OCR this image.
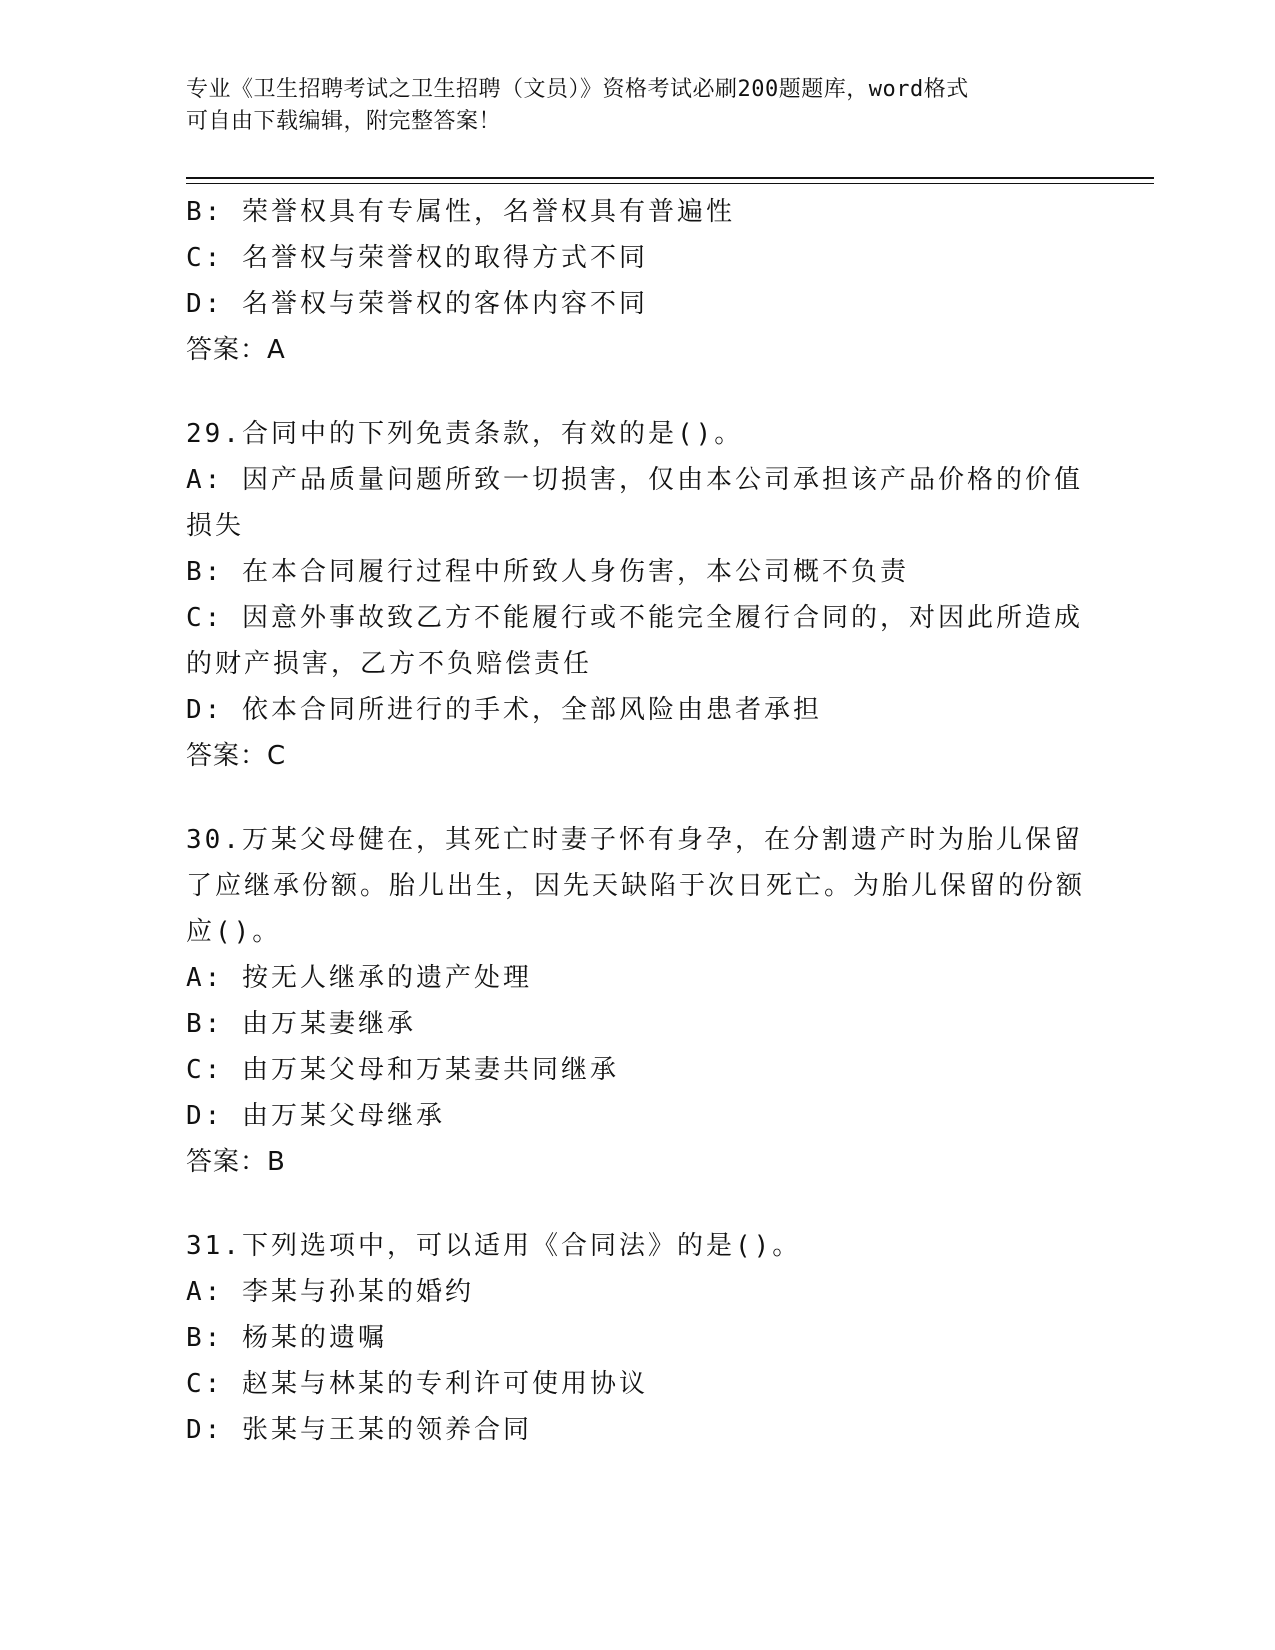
专业《卫生招聘考试之卫生招聘（文员）》资格考试必刷200题题库，word格式
可自由下载编辑，附完整答案！
B: 荣誉权具有专属性，名誉权具有普遍性
C: 名誉权与荣誉权的取得方式不同
D: 名誉权与荣誉权的客体内容不同
答案：A
29.合同中的下列免责条款，有效的是()。
A: 因产品质量问题所致一切损害，仅由本公司承担该产品价格的价值损失
B: 在本合同履行过程中所致人身伤害，本公司概不负责
C: 因意外事故致乙方不能履行或不能完全履行合同的，对因此所造成的财产损害，乙方不负赔偿责任
D: 依本合同所进行的手术，全部风险由患者承担
答案：C
30.万某父母健在，其死亡时妻子怀有身孕，在分割遗产时为胎儿保留了应继承份额。胎儿出生，因先天缺陷于次日死亡。为胎儿保留的份额应()。
A: 按无人继承的遗产处理
B: 由万某妻继承
C: 由万某父母和万某妻共同继承
D: 由万某父母继承
答案：B
31.下列选项中，可以适用《合同法》的是()。
A: 李某与孙某的婚约
B: 杨某的遗嘱
C: 赵某与林某的专利许可使用协议
D: 张某与王某的领养合同
